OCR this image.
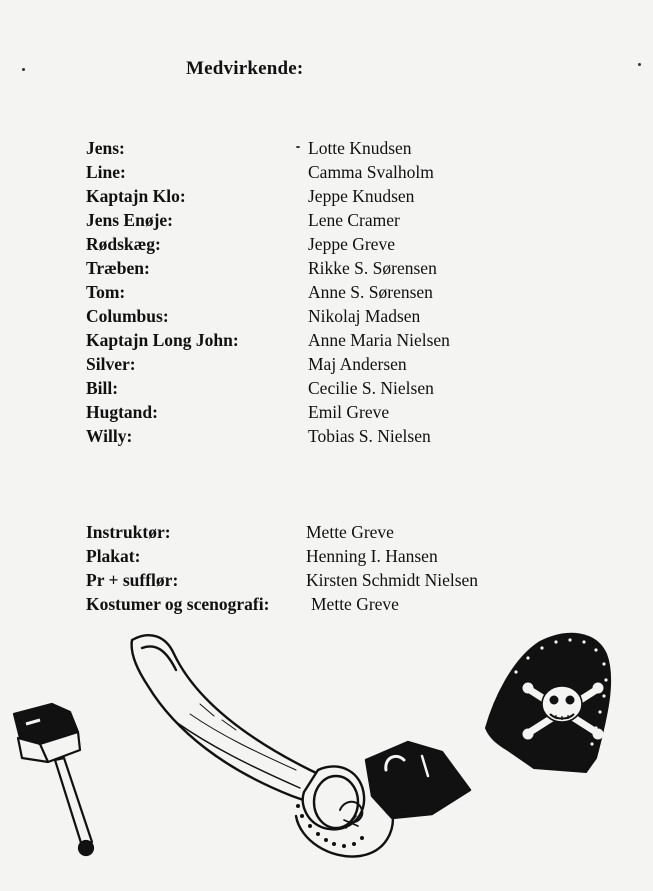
Medvirkende:
Jens:	Lotte Knudsen
Line:	Camma Svalholm
Kaptajn Klo:	Jeppe Knudsen
Jens Enøje:	Lene Cramer
Rødskæg:	Jeppe Greve
Træben:	Rikke S. Sørensen
Tom:	Anne S. Sørensen
Columbus:	Nikolaj Madsen
Kaptajn Long John:	Anne Maria Nielsen
Silver:	Maj Andersen
Bill:	Cecilie S. Nielsen
Hugtand:	Emil Greve
Willy:	Tobias S. Nielsen
Instruktør:	Mette Greve
Plakat:	Henning I. Hansen
Pr + sufflør:	Kirsten Schmidt Nielsen
Kostumer og scenografi: Mette Greve
